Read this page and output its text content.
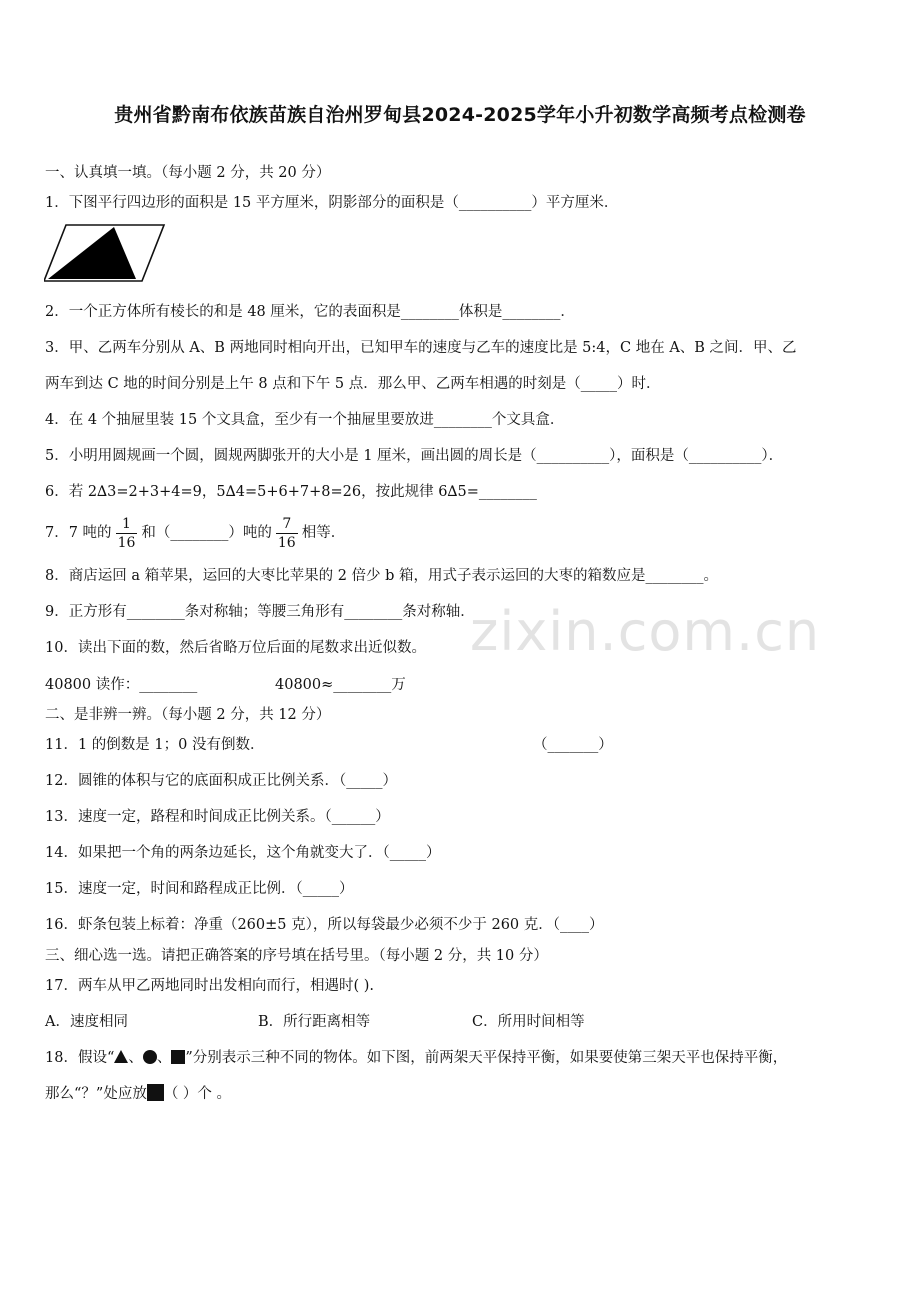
贵州省黔南布依族苗族自治州罗甸县2024-2025学年小升初数学高频考点检测卷
zixin.com.cn
一、认真填一填。（每小题 2 分，共 20 分）
1．下图平行四边形的面积是 15 平方厘米，阴影部分的面积是（__________）平方厘米．
2．一个正方体所有棱长的和是 48 厘米，它的表面积是________体积是________．
3．甲、乙两车分别从 A、B 两地同时相向开出，已知甲车的速度与乙车的速度比是 5:4，C 地在 A、B 之间．甲、乙
两车到达 C 地的时间分别是上午 8 点和下午 5 点．那么甲、乙两车相遇的时刻是（_____）时．
4．在 4 个抽屉里装 15 个文具盒，至少有一个抽屉里要放进________个文具盒．
5．小明用圆规画一个圆，圆规两脚张开的大小是 1 厘米，画出圆的周长是（__________），面积是（__________）．
6．若 2∆3=2+3+4=9，5∆4=5+6+7+8=26，按此规律 6∆5=________
7．7 吨的 $\frac{1}{16}$ 和（________）吨的 $\frac{7}{16}$ 相等．
8．商店运回 a 箱苹果，运回的大枣比苹果的 2 倍少 b 箱，用式子表示运回的大枣的箱数应是________。
9．正方形有________条对称轴；等腰三角形有________条对称轴．
10．读出下面的数，然后省略万位后面的尾数求出近似数。
40800 读作：________	40800≈________万
二、是非辨一辨。（每小题 2 分，共 12 分）
11．1 的倒数是 1；0 没有倒数．	（_______）
12．圆锥的体积与它的底面积成正比例关系．（_____）
13．速度一定，路程和时间成正比例关系。（______）
14．如果把一个角的两条边延长，这个角就变大了．（_____）
15．速度一定，时间和路程成正比例．（_____）
16．虾条包装上标着：净重（260±5 克），所以每袋最少必须不少于 260 克．（____）
三、细心选一选。请把正确答案的序号填在括号里。（每小题 2 分，共 10 分）
17．两车从甲乙两地同时出发相向而行，相遇时( ).
A．速度相同	B．所行距离相等	C．所用时间相等
18．假设“ 、 、 ”分别表示三种不同的物体。如下图，前两架天平保持平衡，如果要使第三架天平也保持平衡，
那么“？”处应放 （ ）个 。
